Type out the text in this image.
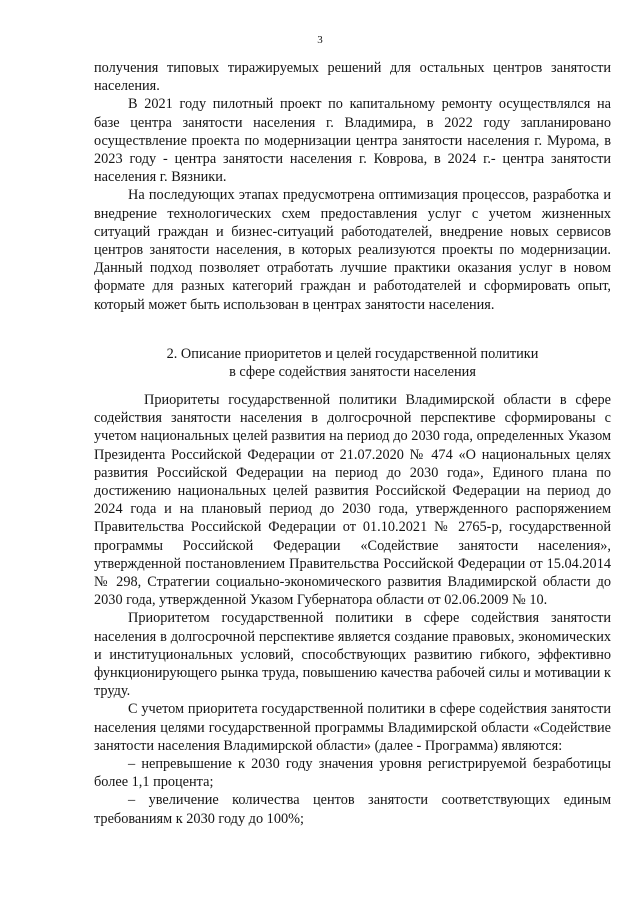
3

получения типовых тиражируемых решений для остальных центров занятости населения.

В 2021 году пилотный проект по капитальному ремонту осуществлялся на базе центра занятости населения г. Владимира, в 2022 году запланировано осуществление проекта по модернизации центра занятости населения г. Мурома, в 2023 году - центра занятости населения г. Коврова, в 2024 г.- центра занятости населения г. Вязники.

На последующих этапах предусмотрена оптимизация процессов, разработка и внедрение технологических схем предоставления услуг с учетом жизненных ситуаций граждан и бизнес-ситуаций работодателей, внедрение новых сервисов центров занятости населения, в которых реализуются проекты по модернизации. Данный подход позволяет отработать лучшие практики оказания услуг в новом формате для разных категорий граждан и работодателей и сформировать опыт, который может быть использован в центрах занятости населения.

2. Описание приоритетов и целей государственной политики
в сфере содействия занятости населения

Приоритеты государственной политики Владимирской области в сфере содействия занятости населения в долгосрочной перспективе сформированы с учетом национальных целей развития на период до 2030 года, определенных Указом Президента Российской Федерации от 21.07.2020 № 474 «О национальных целях развития Российской Федерации на период до 2030 года», Единого плана по достижению национальных целей развития Российской Федерации на период до 2024 года и на плановый период до 2030 года, утвержденного распоряжением Правительства Российской Федерации от 01.10.2021 № 2765-р, государственной программы Российской Федерации «Содействие занятости населения», утвержденной постановлением Правительства Российской Федерации от 15.04.2014 № 298, Стратегии социально-экономического развития Владимирской области до 2030 года, утвержденной Указом Губернатора области от 02.06.2009 № 10.

Приоритетом государственной политики в сфере содействия занятости населения в долгосрочной перспективе является создание правовых, экономических и институциональных условий, способствующих развитию гибкого, эффективно функционирующего рынка труда, повышению качества рабочей силы и мотивации к труду.

С учетом приоритета государственной политики в сфере содействия занятости населения целями государственной программы Владимирской области «Содействие занятости населения Владимирской области» (далее - Программа) являются:

– непревышение к 2030 году значения уровня регистрируемой безработицы более 1,1 процента;

– увеличение количества центов занятости соответствующих единым требованиям к 2030 году до 100%;
